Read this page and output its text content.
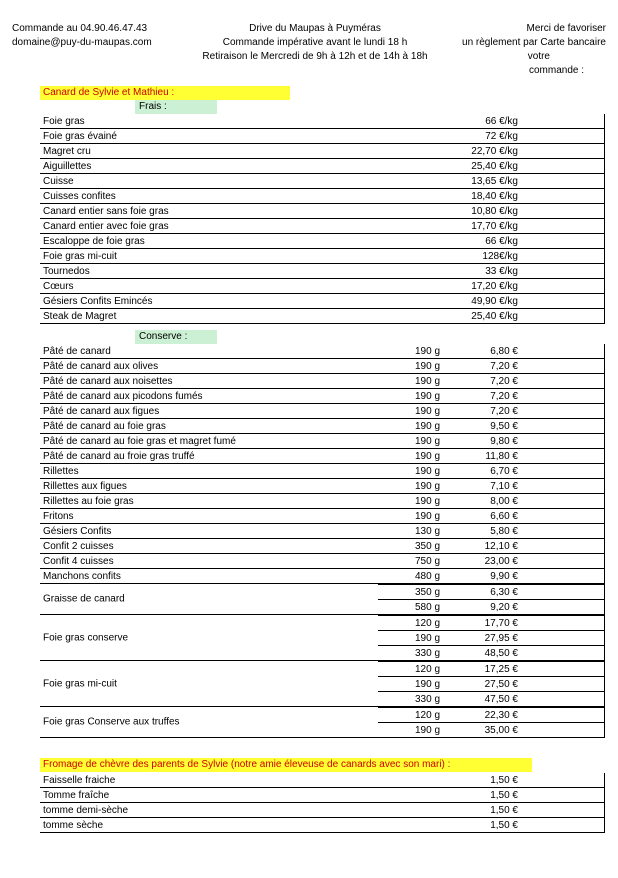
Commande au 04.90.46.47.43
domaine@puy-du-maupas.com
Drive du Maupas à Puyméras
Commande impérative avant le lundi 18 h
Retiraison le Mercredi de 9h à 12h et de 14h à 18h
Merci de favoriser
un règlement par Carte bancaire
votre
commande :
Canard de Sylvie et Mathieu :
Frais :
Foie gras	66 €/kg
Foie gras évainé	72 €/kg
Magret cru	22,70 €/kg
Aiguillettes	25,40 €/kg
Cuisse	13,65 €/kg
Cuisses confites	18,40 €/kg
Canard entier sans foie gras	10,80 €/kg
Canard entier avec foie gras	17,70 €/kg
Escaloppe de foie gras	66 €/kg
Foie gras mi-cuit	128€/kg
Tournedos	33 €/kg
Cœurs	17,20 €/kg
Gésiers Confits Emincés	49,90 €/kg
Steak de Magret	25,40 €/kg
Conserve :
Pâté de canard	190 g	6,80 €
Pâté de canard aux olives	190 g	7,20 €
Pâté de canard aux noisettes	190 g	7,20 €
Pâté de canard aux picodons fumés	190 g	7,20 €
Pâté de canard aux figues	190 g	7,20 €
Pâté de canard au foie gras	190 g	9,50 €
Pâté de canard au foie gras et magret fumé	190 g	9,80 €
Pâté de canard au froie gras truffé	190 g	11,80 €
Rillettes	190 g	6,70 €
Rillettes aux figues	190 g	7,10 €
Rillettes au foie gras	190 g	8,00 €
Fritons	190 g	6,60 €
Gésiers Confits	130 g	5,80 €
Confit 2 cuisses	350 g	12,10 €
Confit 4 cuisses	750 g	23,00 €
Manchons confits	480 g	9,90 €
Graisse de canard
350 g	6,30 €
580 g	9,20 €
Foie gras conserve
120 g	17,70 €
190 g	27,95 €
330 g	48,50 €
Foie gras mi-cuit
120 g	17,25 €
190 g	27,50 €
330 g	47,50 €
Foie gras Conserve aux truffes
120 g	22,30 €
190 g	35,00 €
Fromage de chèvre des parents de Sylvie (notre amie éleveuse de canards avec son mari) :
Faisselle fraiche	1,50 €
Tomme fraîche	1,50 €
tomme demi-sèche	1,50 €
tomme sèche	1,50 €
